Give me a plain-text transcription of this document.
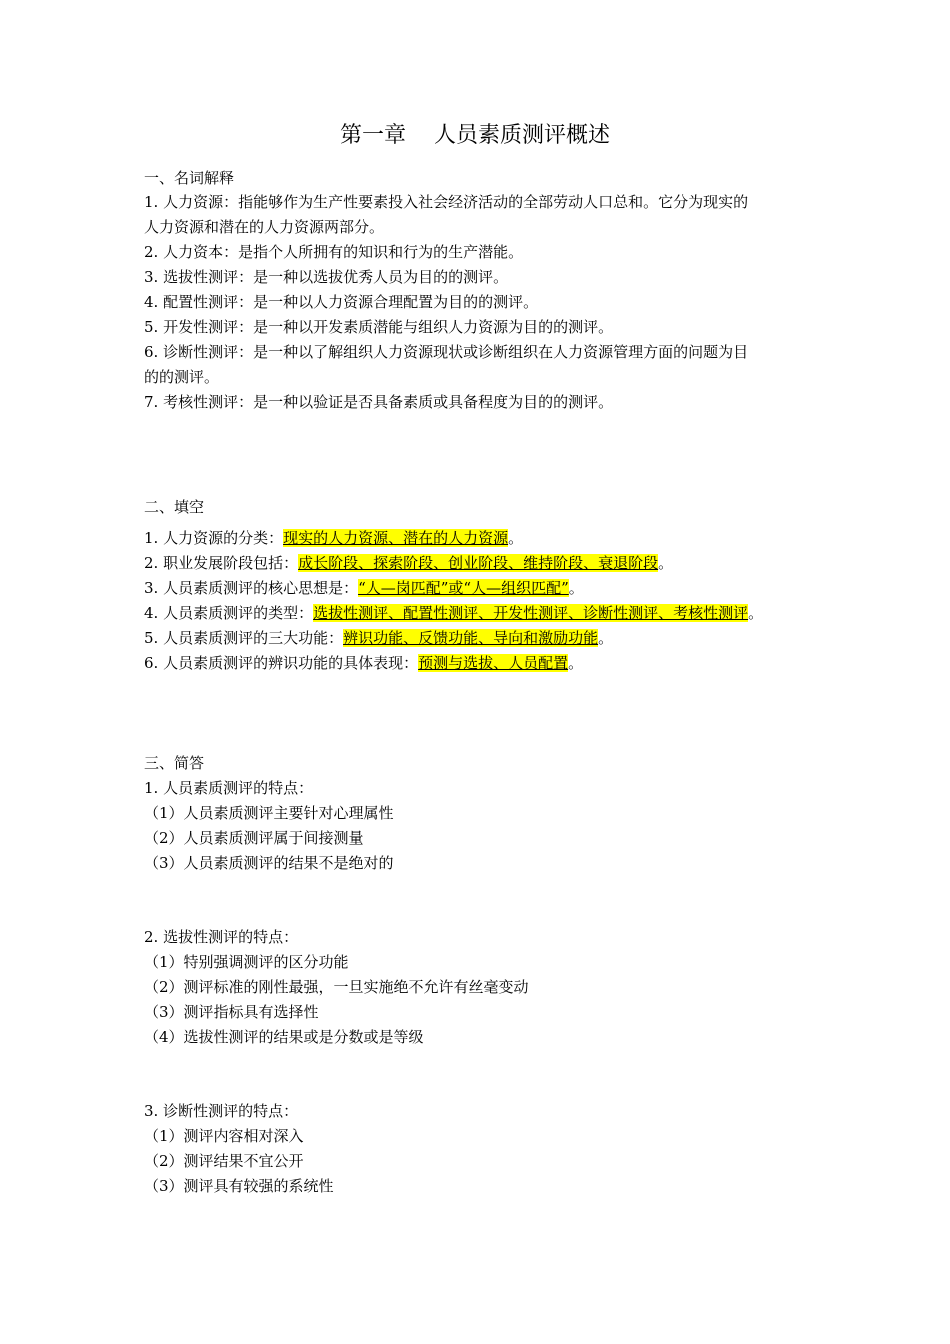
第一章    人员素质测评概述
一、名词解释
1. 人力资源：指能够作为生产性要素投入社会经济活动的全部劳动人口总和。它分为现实的
人力资源和潜在的人力资源两部分。
2. 人力资本：是指个人所拥有的知识和行为的生产潜能。
3. 选拔性测评：是一种以选拔优秀人员为目的的测评。
4. 配置性测评：是一种以人力资源合理配置为目的的测评。
5. 开发性测评：是一种以开发素质潜能与组织人力资源为目的的测评。
6. 诊断性测评：是一种以了解组织人力资源现状或诊断组织在人力资源管理方面的问题为目
的的测评。
7. 考核性测评：是一种以验证是否具备素质或具备程度为目的的测评。
二、填空
1. 人力资源的分类：现实的人力资源、潜在的人力资源。
2. 职业发展阶段包括：成长阶段、探索阶段、创业阶段、维持阶段、衰退阶段。
3. 人员素质测评的核心思想是：“人—岗匹配”或“人—组织匹配”。
4. 人员素质测评的类型：选拔性测评、配置性测评、开发性测评、诊断性测评、考核性测评。
5. 人员素质测评的三大功能：辨识功能、反馈功能、导向和激励功能。
6. 人员素质测评的辨识功能的具体表现：预测与选拔、人员配置。
三、简答
1. 人员素质测评的特点：
（1）人员素质测评主要针对心理属性
（2）人员素质测评属于间接测量
（3）人员素质测评的结果不是绝对的
2. 选拔性测评的特点：
（1）特别强调测评的区分功能
（2）测评标准的刚性最强，一旦实施绝不允许有丝毫变动
（3）测评指标具有选择性
（4）选拔性测评的结果或是分数或是等级
3. 诊断性测评的特点：
（1）测评内容相对深入
（2）测评结果不宜公开
（3）测评具有较强的系统性
